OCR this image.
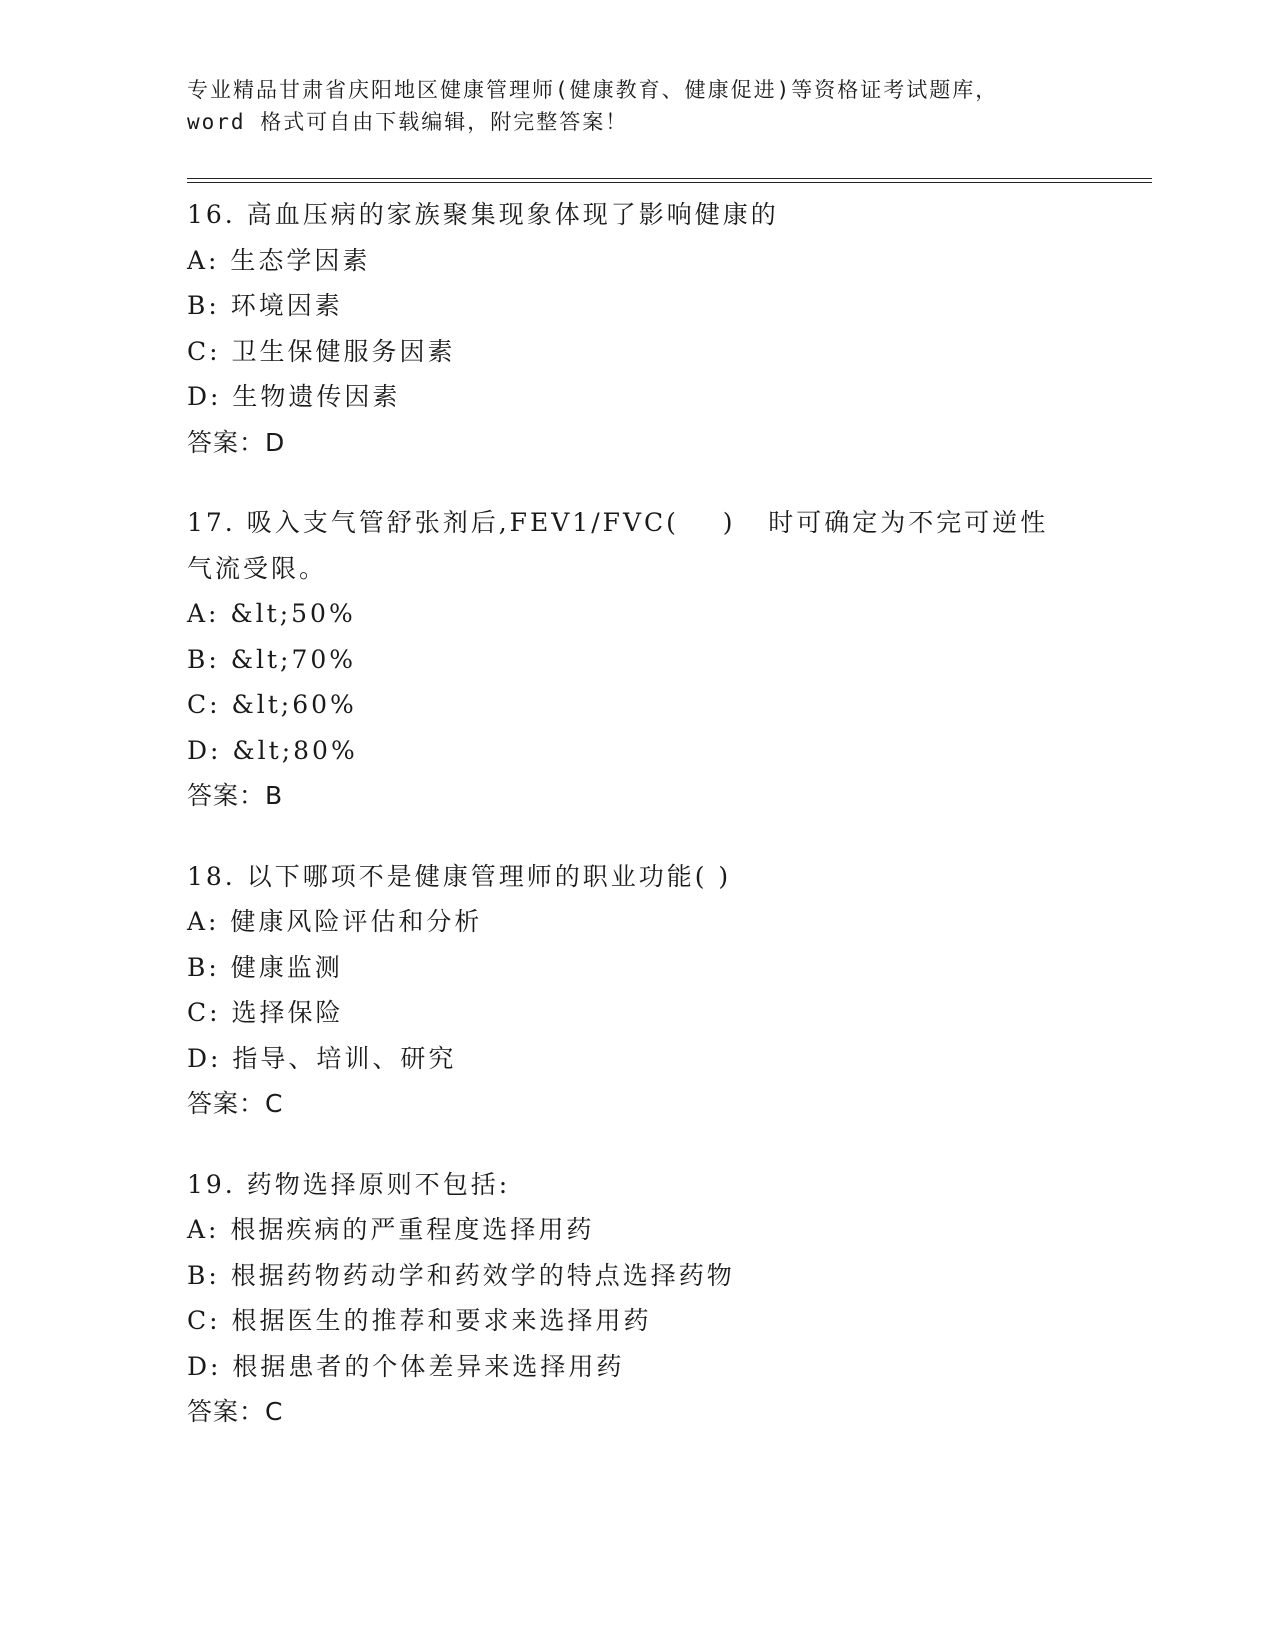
专业精品甘肃省庆阳地区健康管理师(健康教育、健康促进)等资格证考试题库，
word 格式可自由下载编辑，附完整答案！
16. 高血压病的家族聚集现象体现了影响健康的
A: 生态学因素
B: 环境因素
C: 卫生保健服务因素
D: 生物遗传因素
答案：D
17. 吸入支气管舒张剂后,FEV1/FVC(    )   时可确定为不完可逆性气流受限。
A: &lt;50%
B: &lt;70%
C: &lt;60%
D: &lt;80%
答案：B
18. 以下哪项不是健康管理师的职业功能( )
A: 健康风险评估和分析
B: 健康监测
C: 选择保险
D: 指导、培训、研究
答案：C
19. 药物选择原则不包括:
A: 根据疾病的严重程度选择用药
B: 根据药物药动学和药效学的特点选择药物
C: 根据医生的推荐和要求来选择用药
D: 根据患者的个体差异来选择用药
答案：C
